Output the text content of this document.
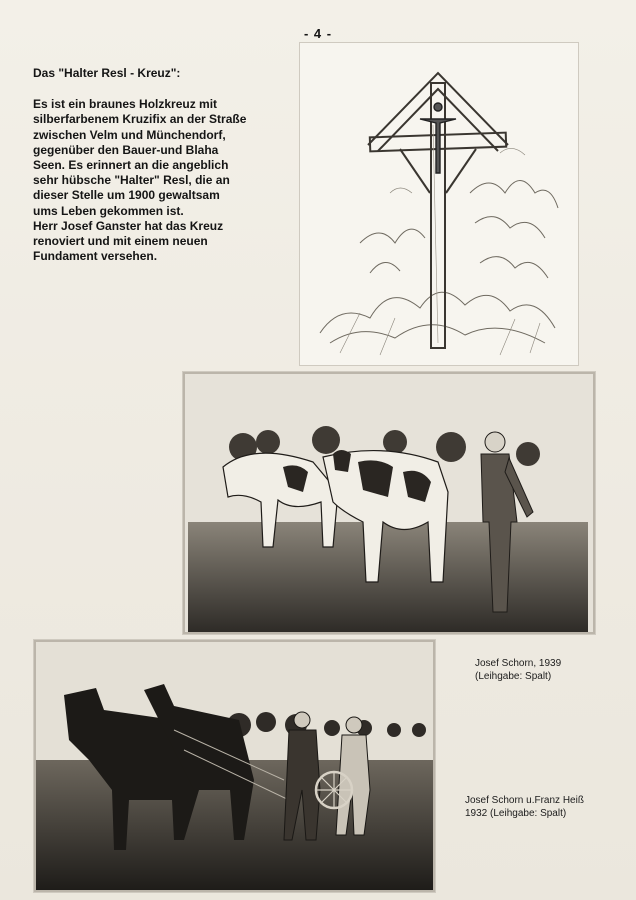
- 4 -

Das "Halter Resl - Kreuz":

Es ist ein braunes Holzkreuz mit

silberfarbenem Kruzifix an der Straße

zwischen Velm und Münchendorf,

gegenüber den Bauer-und Blaha

Seen. Es erinnert an die angeblich

sehr hübsche "Halter" Resl, die an

dieser Stelle um 1900 gewaltsam

ums Leben gekommen ist.

Herr Josef Ganster hat das Kreuz

renoviert und mit einem neuen

Fundament versehen.

Josef Schorn, 1939
(Leihgabe: Spalt)
Josef Schorn u.Franz Heiß
1932 (Leihgabe: Spalt)
